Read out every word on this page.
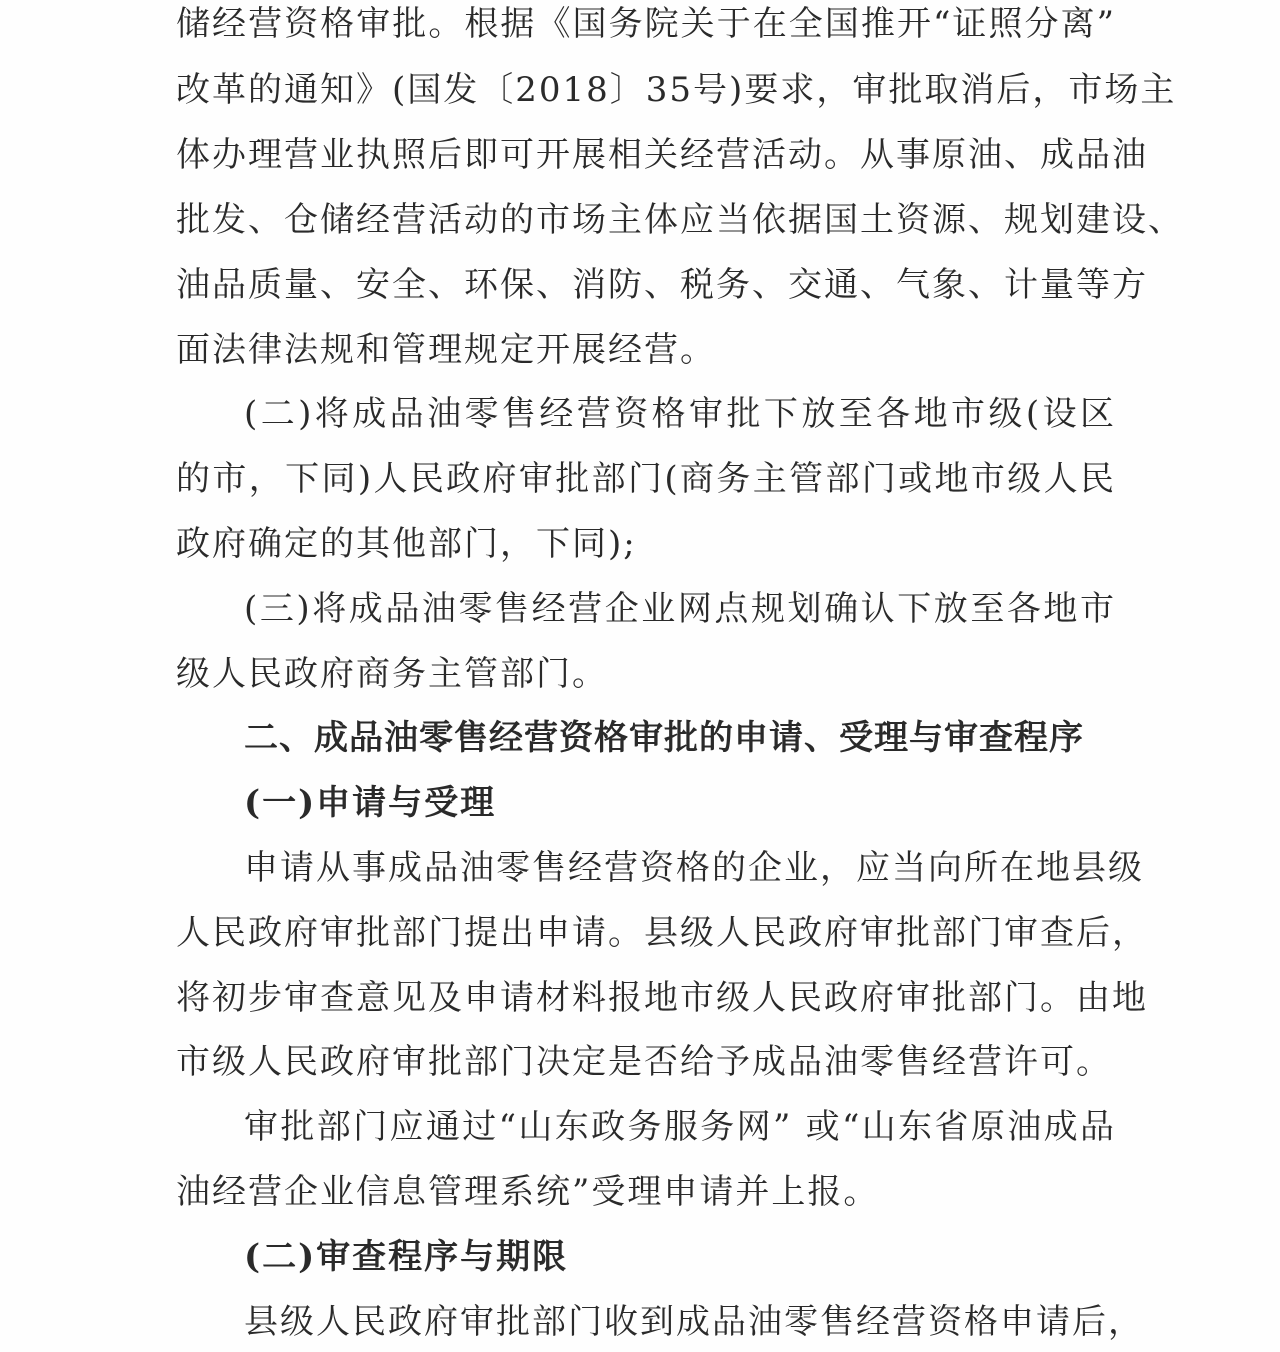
储经营资格审批。根据《国务院关于在全国推开“证照分离”
改革的通知》(国发〔2018〕35号)要求，审批取消后，市场主
体办理营业执照后即可开展相关经营活动。从事原油、成品油
批发、仓储经营活动的市场主体应当依据国土资源、规划建设、
油品质量、安全、环保、消防、税务、交通、气象、计量等方
面法律法规和管理规定开展经营。
(二)将成品油零售经营资格审批下放至各地市级(设区
的市，下同)人民政府审批部门(商务主管部门或地市级人民
政府确定的其他部门，下同);
(三)将成品油零售经营企业网点规划确认下放至各地市
级人民政府商务主管部门。
二、成品油零售经营资格审批的申请、受理与审查程序
(一)申请与受理
申请从事成品油零售经营资格的企业，应当向所在地县级
人民政府审批部门提出申请。县级人民政府审批部门审查后，
将初步审查意见及申请材料报地市级人民政府审批部门。由地
市级人民政府审批部门决定是否给予成品油零售经营许可。
审批部门应通过“山东政务服务网” 或“山东省原油成品
油经营企业信息管理系统”受理申请并上报。
(二)审查程序与期限
县级人民政府审批部门收到成品油零售经营资格申请后，
